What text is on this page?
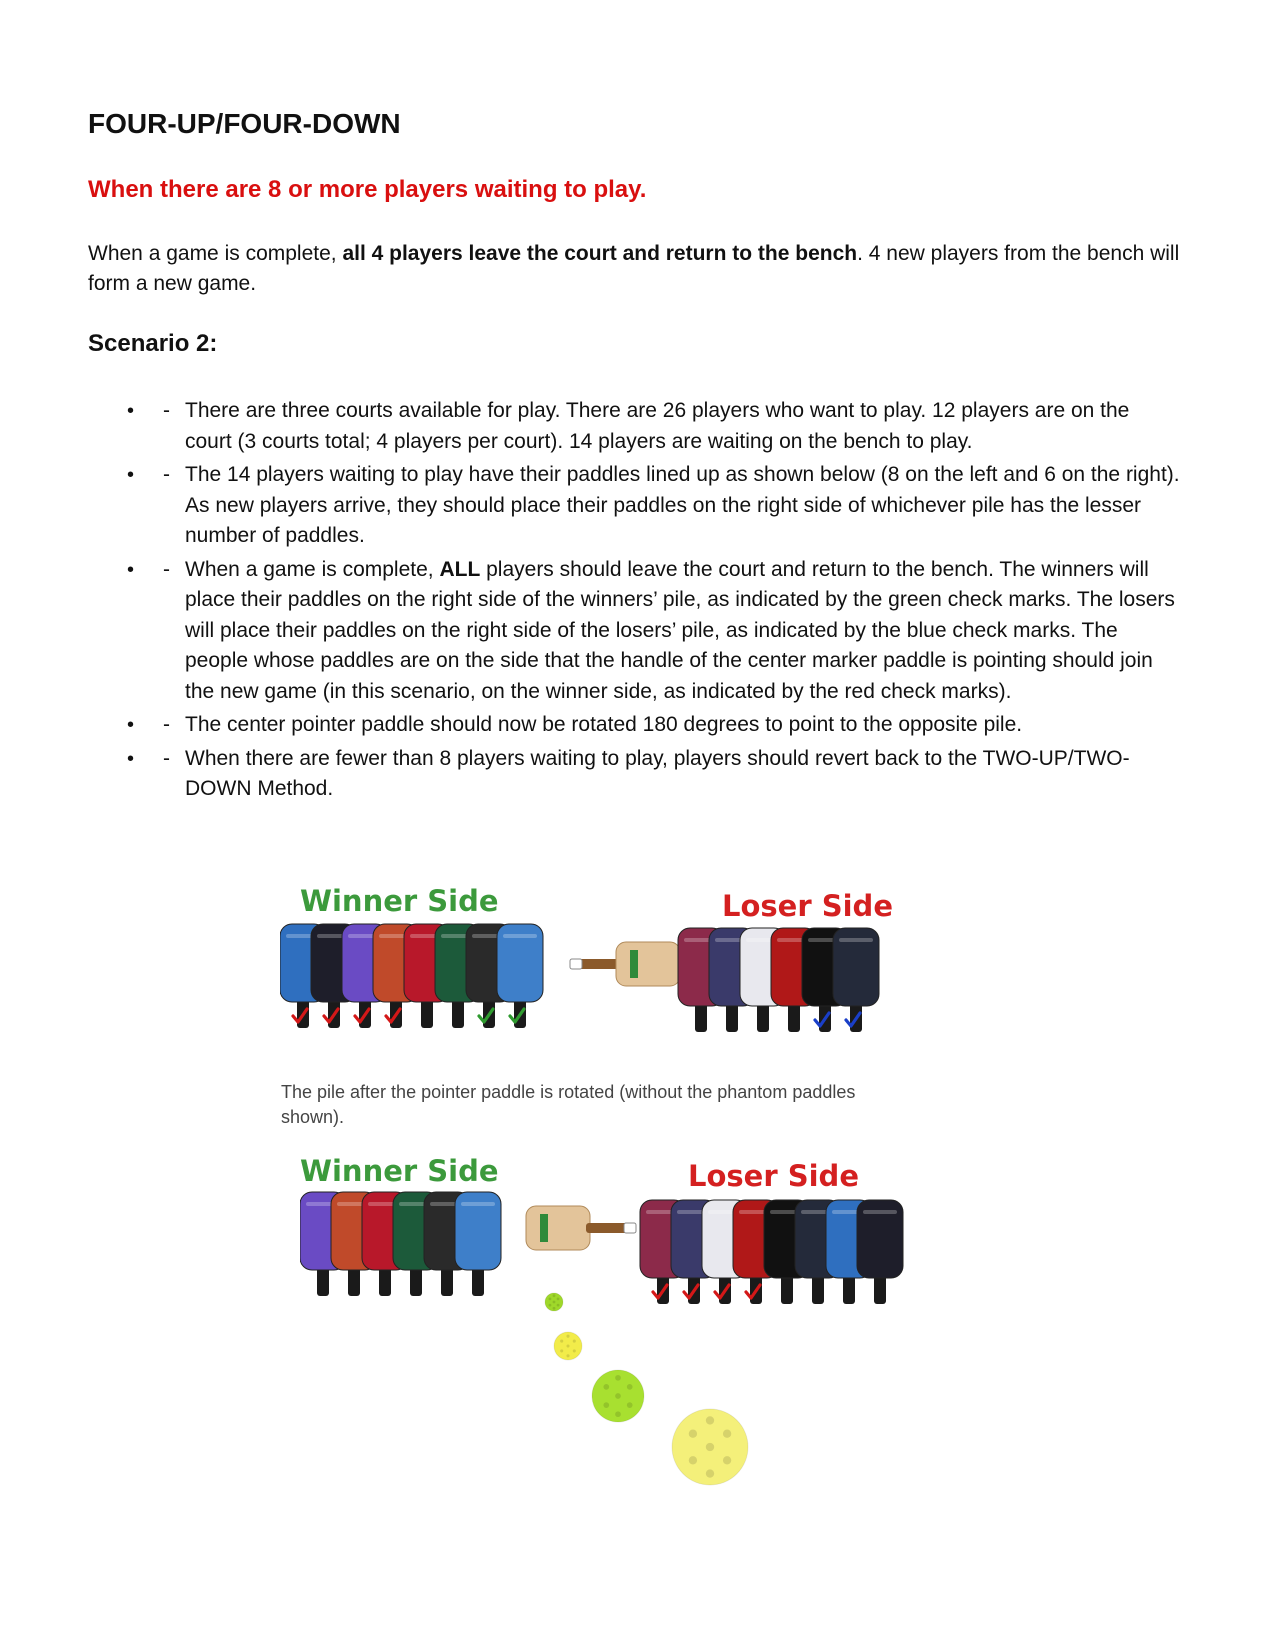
FOUR-UP/FOUR-DOWN
When there are 8 or more players waiting to play.

When a game is complete, all 4 players leave the court and return to the bench. 4 new players from the bench will form a new game.

Scenario 2:
• - There are three courts available for play. There are 26 players who want to play. 12 players are on the court (3 courts total; 4 players per court). 14 players are waiting on the bench to play.
• - The 14 players waiting to play have their paddles lined up as shown below (8 on the left and 6 on the right). As new players arrive, they should place their paddles on the right side of whichever pile has the lesser number of paddles.
• - When a game is complete, ALL players should leave the court and return to the bench. The winners will place their paddles on the right side of the winners’ pile, as indicated by the green check marks. The losers will place their paddles on the right side of the losers’ pile, as indicated by the blue check marks. The people whose paddles are on the side that the handle of the center marker paddle is pointing should join the new game (in this scenario, on the winner side, as indicated by the red check marks).
• - The center pointer paddle should now be rotated 180 degrees to point to the opposite pile.
• - When there are fewer than 8 players waiting to play, players should revert back to the TWO-UP/TWO-DOWN Method.
Winner Side	Loser Side

The pile after the pointer paddle is rotated (without the phantom paddles shown).

Winner Side	Loser Side
